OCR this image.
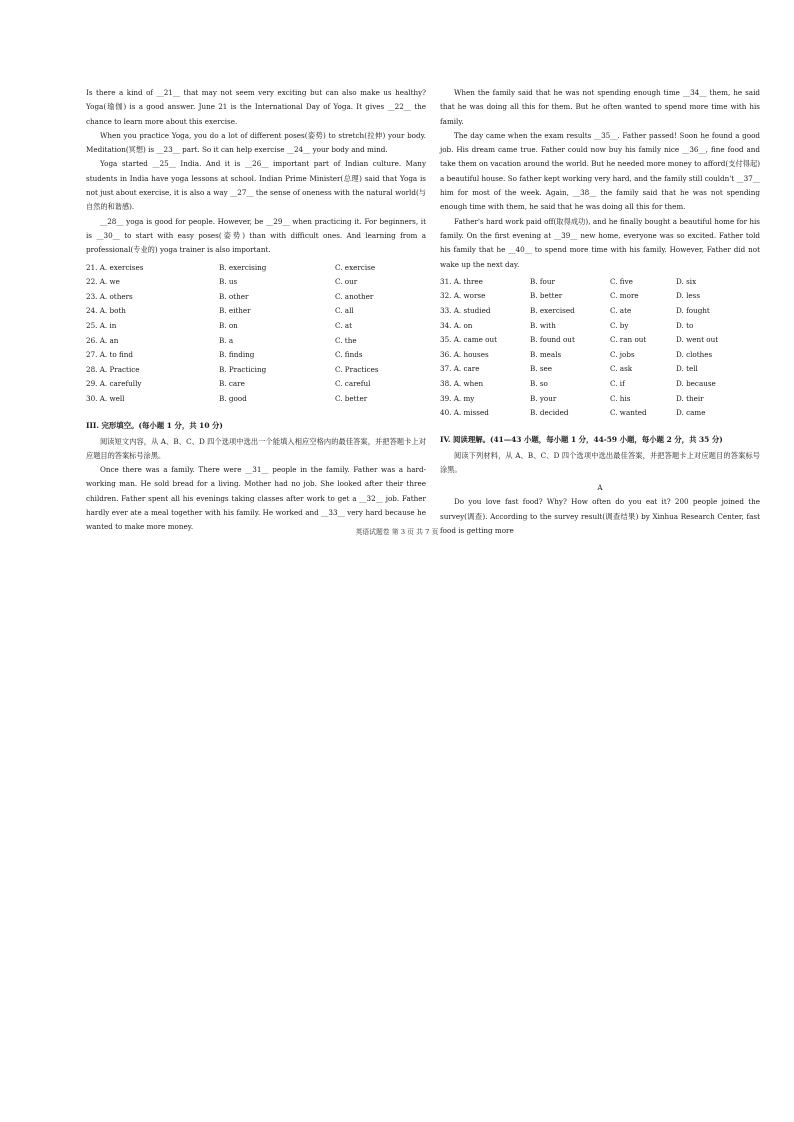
Is there a kind of __21__ that may not seem very exciting but can also make us healthy? Yoga(瑜伽) is a good answer. June 21 is the International Day of Yoga. It gives __22__ the chance to learn more about this exercise.

When you practice Yoga, you do a lot of different poses(姿势) to stretch(拉伸) your body. Meditation(冥想) is __23__ part. So it can help exercise __24__ your body and mind.

Yoga started __25__ India. And it is __26__ important part of Indian culture. Many students in India have yoga lessons at school. Indian Prime Minister(总理) said that Yoga is not just about exercise, it is also a way __27__ the sense of oneness with the natural world(与自然的和谐感).

__28__ yoga is good for people. However, be __29__ when practicing it. For beginners, it is __30__ to start with easy poses(姿势) than with difficult ones. And learning from a professional(专业的) yoga trainer is also important.

21. A. exercises	B. exercising	C. exercise
22. A. we	B. us	C. our
23. A. others	B. other	C. another
24. A. both	B. either	C. all
25. A. in	B. on	C. at
26. A. an	B. a	C. the
27. A. to find	B. finding	C. finds
28. A. Practice	B. Practicing	C. Practices
29. A. carefully	B. care	C. careful
30. A. well	B. good	C. better
III. 完形填空。(每小题 1 分，共 10 分)

阅读短文内容，从 A、B、C、D 四个选项中选出一个能填入相应空格内的最佳答案，并把答题卡上对应题目的答案标号涂黑。

Once there was a family. There were __31__ people in the family. Father was a hard-working man. He sold bread for a living. Mother had no job. She looked after their three children. Father spent all his evenings taking classes after work to get a __32__ job. Father hardly ever ate a meal together with his family. He worked and __33__ very hard because he wanted to make more money.

When the family said that he was not spending enough time __34__ them, he said that he was doing all this for them. But he often wanted to spend more time with his family.

The day came when the exam results __35__. Father passed! Soon he found a good job. His dream came true. Father could now buy his family nice __36__, fine food and take them on vacation around the world. But he needed more money to afford(支付得起) a beautiful house. So father kept working very hard, and the family still couldn't __37__ him for most of the week. Again, __38__ the family said that he was not spending enough time with them, he said that he was doing all this for them.

Father's hard work paid off(取得成功), and he finally bought a beautiful home for his family. On the first evening at __39__ new home, everyone was so excited. Father told his family that he __40__ to spend more time with his family. However, Father did not wake up the next day.

31. A. three	B. four	C. five	D. six
32. A. worse	B. better	C. more	D. less
33. A. studied	B. exercised	C. ate	D. fought
34. A. on	B. with	C. by	D. to
35. A. came out	B. found out	C. ran out	D. went out
36. A. houses	B. meals	C. jobs	D. clothes
37. A. care	B. see	C. ask	D. tell
38. A. when	B. so	C. if	D. because
39. A. my	B. your	C. his	D. their
40. A. missed	B. decided	C. wanted	D. came
IV. 阅读理解。(41—43 小题，每小题 1 分，44-59 小题，每小题 2 分，共 35 分)

阅读下列材料，从 A、B、C、D 四个选项中选出最佳答案，并把答题卡上对应题目的答案标号涂黑。

A

Do you love fast food? Why? How often do you eat it? 200 people joined the survey(调查). According to the survey result(调查结果) by Xinhua Research Center, fast food is getting more

英语试题卷 第 3 页 共 7 页
